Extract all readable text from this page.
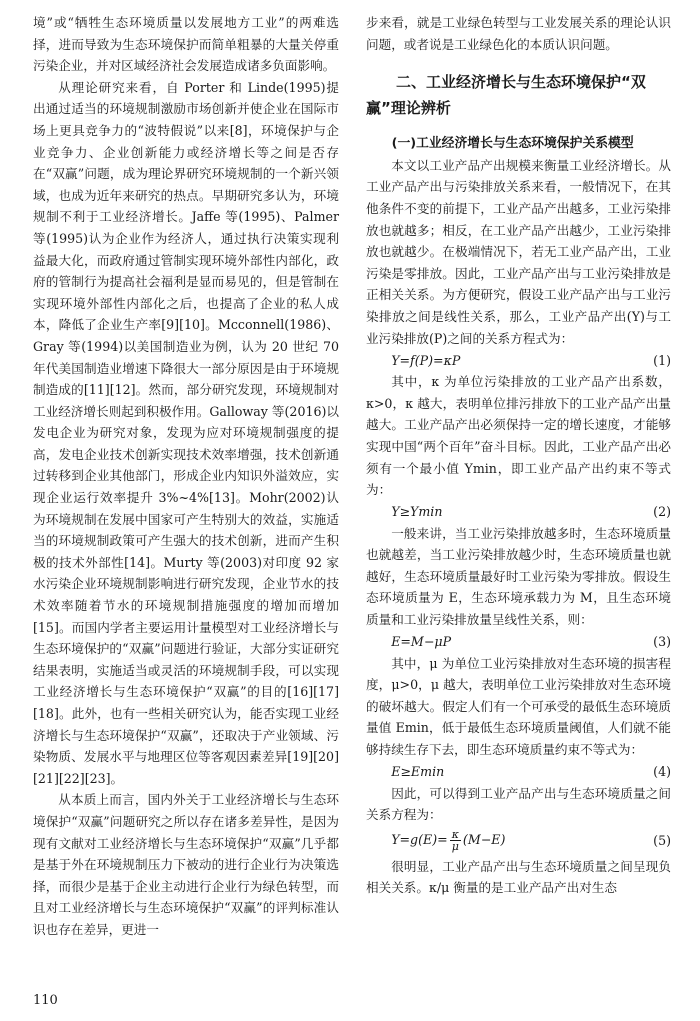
境”或“牺牲生态环境质量以发展地方工业”的两难选择，进而导致为生态环境保护而简单粗暴的大量关停重污染企业，并对区域经济社会发展造成诸多负面影响。

从理论研究来看，自 Porter 和 Linde(1995)提出通过适当的环境规制激励市场创新并使企业在国际市场上更具竞争力的“波特假说”以来[8]，环境保护与企业竞争力、企业创新能力或经济增长等之间是否存在“双赢”问题，成为理论界研究环境规制的一个新兴领域，也成为近年来研究的热点。早期研究多认为，环境规制不利于工业经济增长。Jaffe 等(1995)、Palmer 等(1995)认为企业作为经济人，通过执行决策实现利益最大化，而政府通过管制实现环境外部性内部化，政府的管制行为提高社会福利是显而易见的，但是管制在实现环境外部性内部化之后，也提高了企业的私人成本，降低了企业生产率[9][10]。Mcconnell(1986)、Gray 等(1994)以美国制造业为例，认为 20 世纪 70 年代美国制造业增速下降很大一部分原因是由于环境规制造成的[11][12]。然而，部分研究发现，环境规制对工业经济增长则起到积极作用。Galloway 等(2016)以发电企业为研究对象，发现为应对环境规制强度的提高，发电企业技术创新实现技术效率增强，技术创新通过转移到企业其他部门，形成企业内知识外溢效应，实现企业运行效率提升 3%~4%[13]。Mohr(2002)认为环境规制在发展中国家可产生特别大的效益，实施适当的环境规制政策可产生强大的技术创新，进而产生积极的技术外部性[14]。Murty 等(2003)对印度 92 家水污染企业环境规制影响进行研究发现，企业节水的技术效率随着节水的环境规制措施强度的增加而增加[15]。而国内学者主要运用计量模型对工业经济增长与生态环境保护的“双赢”问题进行验证，大部分实证研究结果表明，实施适当或灵活的环境规制手段，可以实现工业经济增长与生态环境保护“双赢”的目的[16][17][18]。此外，也有一些相关研究认为，能否实现工业经济增长与生态环境保护“双赢”，还取决于产业领域、污染物质、发展水平与地理区位等客观因素差异[19][20][21][22][23]。

从本质上而言，国内外关于工业经济增长与生态环境保护“双赢”问题研究之所以存在诸多差异性，是因为现有文献对工业经济增长与生态环境保护“双赢”几乎都是基于外在环境规制压力下被动的进行企业行为决策选择，而很少是基于企业主动进行企业行为绿色转型，而且对工业经济增长与生态环境保护“双赢”的评判标准认识也存在差异，更进一

步来看，就是工业绿色转型与工业发展关系的理论认识问题，或者说是工业绿色化的本质认识问题。

二、工业经济增长与生态环境保护“双赢”理论辨析
(一)工业经济增长与生态环境保护关系模型

本文以工业产品产出规模来衡量工业经济增长。从工业产品产出与污染排放关系来看，一般情况下，在其他条件不变的前提下，工业产品产出越多，工业污染排放也就越多；相反，在工业产品产出越少，工业污染排放也就越少。在极端情况下，若无工业产品产出，工业污染是零排放。因此，工业产品产出与工业污染排放是正相关关系。为方便研究，假设工业产品产出与工业污染排放之间是线性关系，那么，工业产品产出(Y)与工业污染排放(P)之间的关系方程式为：

Y=f(P)=κP	(1)

其中，κ 为单位污染排放的工业产品产出系数，κ>0，κ 越大，表明单位排污排放下的工业产品产出量越大。工业产品产出必须保持一定的增长速度，才能够实现中国“两个百年”奋斗目标。因此，工业产品产出必须有一个最小值 Ymin，即工业产品产出约束不等式为：

Y≥Ymin	(2)

一般来讲，当工业污染排放越多时，生态环境质量也就越差，当工业污染排放越少时，生态环境质量也就越好，生态环境质量最好时工业污染为零排放。假设生态环境质量为 E，生态环境承载力为 M，且生态环境质量和工业污染排放量呈线性关系，则：

E=M−μP	(3)

其中，μ 为单位工业污染排放对生态环境的损害程度，μ>0，μ 越大，表明单位工业污染排放对生态环境的破坏越大。假定人们有一个可承受的最低生态环境质量值 Emin，低于最低生态环境质量阈值，人们就不能够持续生存下去，即生态环境质量约束不等式为：

E≥Emin	(4)

因此，可以得到工业产品产出与生态环境质量之间关系方程为：

$Y=g(E)= \frac{\kappa}{\mu} (M-E)$	(5)

很明显，工业产品产出与生态环境质量之间呈现负相关关系。κ/μ 衡量的是工业产品产出对生态

110
